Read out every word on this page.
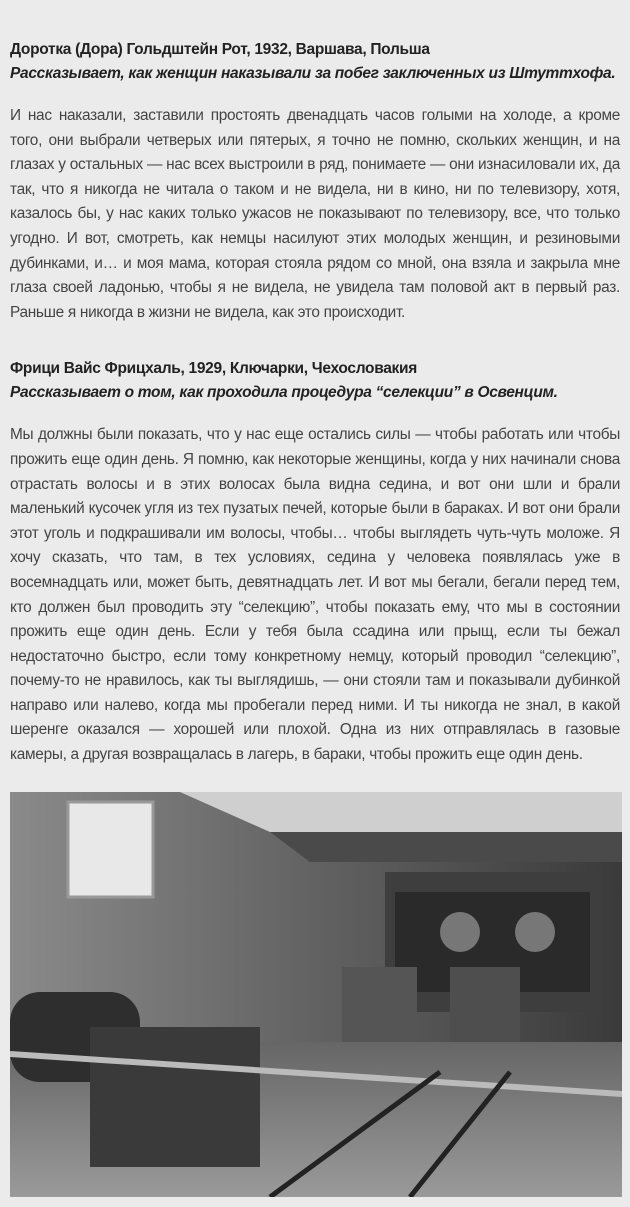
Доротка (Дора) Гольдштейн Рот, 1932, Варшава, Польша

Рассказывает, как женщин наказывали за побег заключенных из Штуттхофа.

И нас наказали, заставили простоять двенадцать часов голыми на холоде, а кроме того, они выбрали четверых или пятерых, я точно не помню, скольких женщин, и на глазах у остальных — нас всех выстроили в ряд, понимаете — они изнасиловали их, да так, что я никогда не читала о таком и не видела, ни в кино, ни по телевизору, хотя, казалось бы, у нас каких только ужасов не показывают по телевизору, все, что только угодно. И вот, смотреть, как немцы насилуют этих молодых женщин, и резиновыми дубинками, и… и моя мама, которая стояла рядом со мной, она взяла и закрыла мне глаза своей ладонью, чтобы я не видела, не увидела там половой акт в первый раз. Раньше я никогда в жизни не видела, как это происходит.

Фрици Вайс Фрицхаль, 1929, Ключарки, Чехословакия

Рассказывает о том, как проходила процедура “селекции” в Освенцим.

Мы должны были показать, что у нас еще остались силы — чтобы работать или чтобы прожить еще один день. Я помню, как некоторые женщины, когда у них начинали снова отрастать волосы и в этих волосах была видна седина, и вот они шли и брали маленький кусочек угля из тех пузатых печей, которые были в бараках. И вот они брали этот уголь и подкрашивали им волосы, чтобы… чтобы выглядеть чуть-чуть моложе. Я хочу сказать, что там, в тех условиях, седина у человека появлялась уже в восемнадцать или, может быть, девятнадцать лет. И вот мы бегали, бегали перед тем, кто должен был проводить эту “селекцию”, чтобы показать ему, что мы в состоянии прожить еще один день. Если у тебя была ссадина или прыщ, если ты бежал недостаточно быстро, если тому конкретному немцу, который проводил “селекцию”, почему-то не нравилось, как ты выглядишь, — они стояли там и показывали дубинкой направо или налево, когда мы пробегали перед ними. И ты никогда не знал, в какой шеренге оказался — хорошей или плохой. Одна из них отправлялась в газовые камеры, а другая возвращалась в лагерь, в бараки, чтобы прожить еще один день.
